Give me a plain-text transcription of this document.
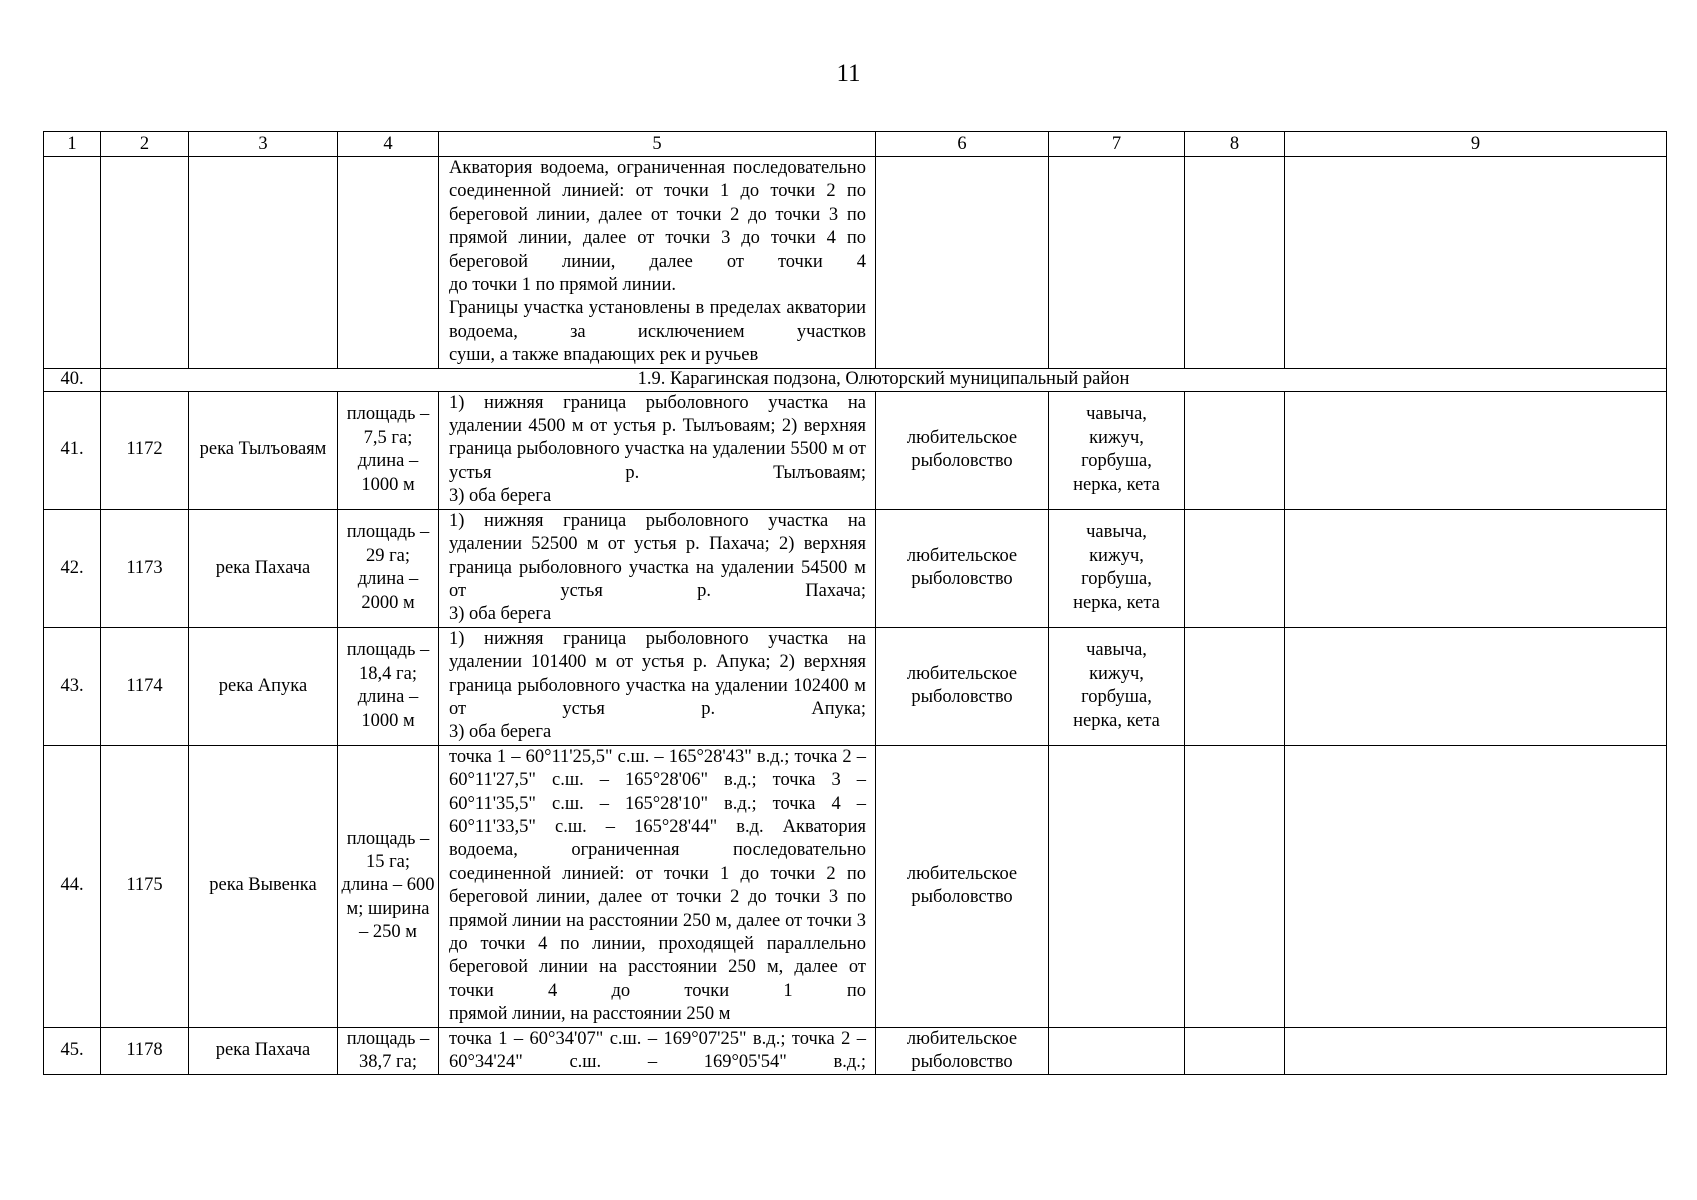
11
1	2	3	4	5	6	7	8	9

				Акватория водоема, ограниченная последовательно соединенной линией: от точки 1 до точки 2 по береговой линии, далее от точки 2 до точки 3 по прямой линии, далее от точки 3 до точки 4 по береговой линии, далее от точки 4
до точки 1 по прямой линии.
Границы участка установлены в пределах акватории водоема, за исключением участков
суши, а также впадающих рек и ручьев				

40.	1.9. Карагинская подзона, Олюторский муниципальный район							
41.	1172	река Тылъоваям	площадь – 7,5 га; длина – 1000 м	1) нижняя граница рыболовного участка на удалении 4500 м от устья р. Тылъоваям; 2) верхняя граница рыболовного участка на удалении 5500 м от устья р. Тылъоваям;
3) оба берега	любительское рыболовство	чавыча, кижуч, горбуша, нерка, кета		
42.	1173	река Пахача	площадь – 29 га; длина – 2000 м	1) нижняя граница рыболовного участка на удалении 52500 м от устья р. Пахача; 2) верхняя граница рыболовного участка на удалении 54500 м от устья р. Пахача;
3) оба берега	любительское рыболовство	чавыча, кижуч, горбуша, нерка, кета		
43.	1174	река Апука	площадь – 18,4 га; длина – 1000 м	1) нижняя граница рыболовного участка на удалении 101400 м от устья р. Апука; 2) верхняя граница рыболовного участка на удалении 102400 м от устья р. Апука;
3) оба берега	любительское рыболовство	чавыча, кижуч, горбуша, нерка, кета		
44.	1175	река Вывенка	площадь – 15 га; длина – 600 м; ширина – 250 м	точка 1 – 60°11'25,5" с.ш. – 165°28'43" в.д.; точка 2 – 60°11'27,5" с.ш. – 165°28'06" в.д.; точка 3 – 60°11'35,5" с.ш. – 165°28'10" в.д.; точка 4 – 60°11'33,5" с.ш. – 165°28'44" в.д. Акватория водоема, ограниченная последовательно соединенной линией: от точки 1 до точки 2 по береговой линии, далее от точки 2 до точки 3 по прямой линии на расстоянии 250 м, далее от точки 3 до точки 4 по линии, проходящей параллельно береговой линии на расстоянии 250 м, далее от точки 4 до точки 1 по
прямой линии, на расстоянии 250 м	любительское рыболовство			
45.	1178	река Пахача	площадь – 38,7 га;	точка 1 – 60°34'07" с.ш. – 169°07'25" в.д.; точка 2 – 60°34'24" с.ш. – 169°05'54" в.д.;	любительское рыболовство			
